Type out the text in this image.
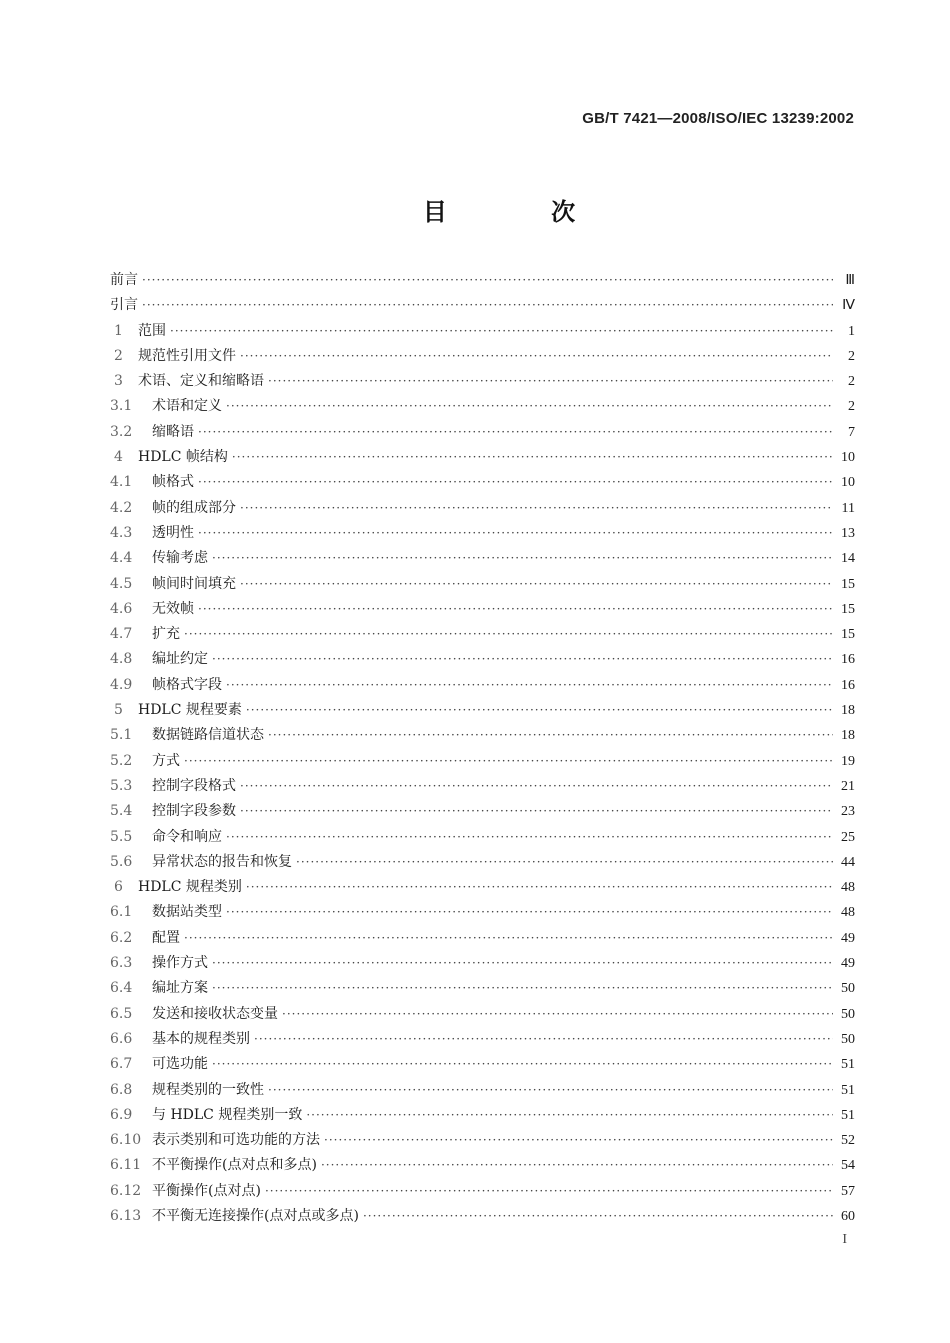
GB/T 7421—2008/ISO/IEC 13239:2002
目 次
前言 ·····	Ⅲ
引言 ·····	Ⅳ
1	范围 ·····	1
2	规范性引用文件 ·····	2
3	术语、定义和缩略语 ·····	2
3.1	术语和定义 ·····	2
3.2	缩略语 ·····	7
4	HDLC 帧结构 ·····	10
4.1	帧格式 ·····	10
4.2	帧的组成部分 ·····	11
4.3	透明性 ·····	13
4.4	传输考虑 ·····	14
4.5	帧间时间填充 ·····	15
4.6	无效帧 ·····	15
4.7	扩充 ·····	15
4.8	编址约定 ·····	16
4.9	帧格式字段 ·····	16
5	HDLC 规程要素 ·····	18
5.1	数据链路信道状态 ·····	18
5.2	方式 ·····	19
5.3	控制字段格式 ·····	21
5.4	控制字段参数 ·····	23
5.5	命令和响应 ·····	25
5.6	异常状态的报告和恢复 ·····	44
6	HDLC 规程类别 ·····	48
6.1	数据站类型 ·····	48
6.2	配置 ·····	49
6.3	操作方式 ·····	49
6.4	编址方案 ·····	50
6.5	发送和接收状态变量 ·····	50
6.6	基本的规程类别 ·····	50
6.7	可选功能 ·····	51
6.8	规程类别的一致性 ·····	51
6.9	与 HDLC 规程类别一致 ·····	51
6.10 表示类别和可选功能的方法 ·····	52
6.11 不平衡操作(点对点和多点) ·····	54
6.12 平衡操作(点对点) ·····	57
6.13 不平衡无连接操作(点对点或多点) ·····	60
I
